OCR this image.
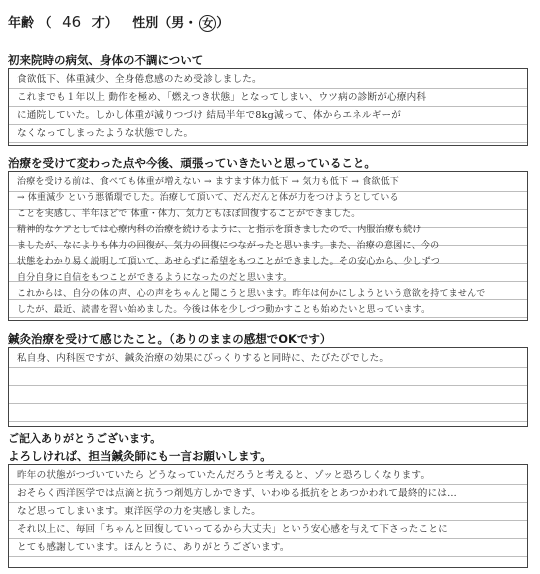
年齢 （ 46 才） 性別（男・ 女 ）
初来院時の病気、身体の不調について

食欲低下、体重減少、全身倦怠感のため受診しました。

これまでも１年以上 動作を極め、「燃えつき状態」となってしまい、ウツ病の診断が心療内科

に通院していた。しかし体重が減りつづけ 結局半年で8kg減って、体からエネルギーが

なくなってしまったような状態でした。

治療を受けて変わった点や今後、頑張っていきたいと思っていること。

治療を受ける前は、食べても体重が増えない → ますます体力低下 → 気力も低下 → 食欲低下

→ 体重減少 という悪循環でした。治療して頂いて、だんだんと体が力をつけようとしている

ことを実感し、半年ほどで 体重・体力、気力ともほぼ回復することができました。

精神的なケアとしては心療内科の治療を続けるように、と指示を頂きましたので、内服治療も続け

ましたが、なによりも体力の回復が、気力の回復につながったと思います。また、治療の意図に、今の

状態をわかり易く説明して頂いて、あせらずに希望をもつことができました。その安心から、少しずつ

自分自身に自信をもつことができるようになったのだと思います。

これからは、自分の体の声、心の声をちゃんと聞こうと思います。昨年は何かにしようという意欲を持てませんで

したが、最近、読書を習い始めました。今後は体を少しづつ動かすことも始めたいと思っています。

鍼灸治療を受けて感じたこと。（ありのままの感想でOKです）

私自身、内科医ですが、鍼灸治療の効果にびっくりすると同時に、たびたびでした。

ご記入ありがとうございます。
よろしければ、担当鍼灸師にも一言お願いします。

昨年の状態がつづいていたら どうなっていたんだろうと考えると、ゾッと恐ろしくなります。

おそらく西洋医学では点滴と抗うつ剤処方しかできず、いわゆる抵抗をとあつかわれて最終的には…

など思ってしまいます。東洋医学の力を実感しました。

それ以上に、毎回「ちゃんと回復していってるから大丈夫」という安心感を与えて下さったことに

とても感謝しています。ほんとうに、ありがとうございます。
